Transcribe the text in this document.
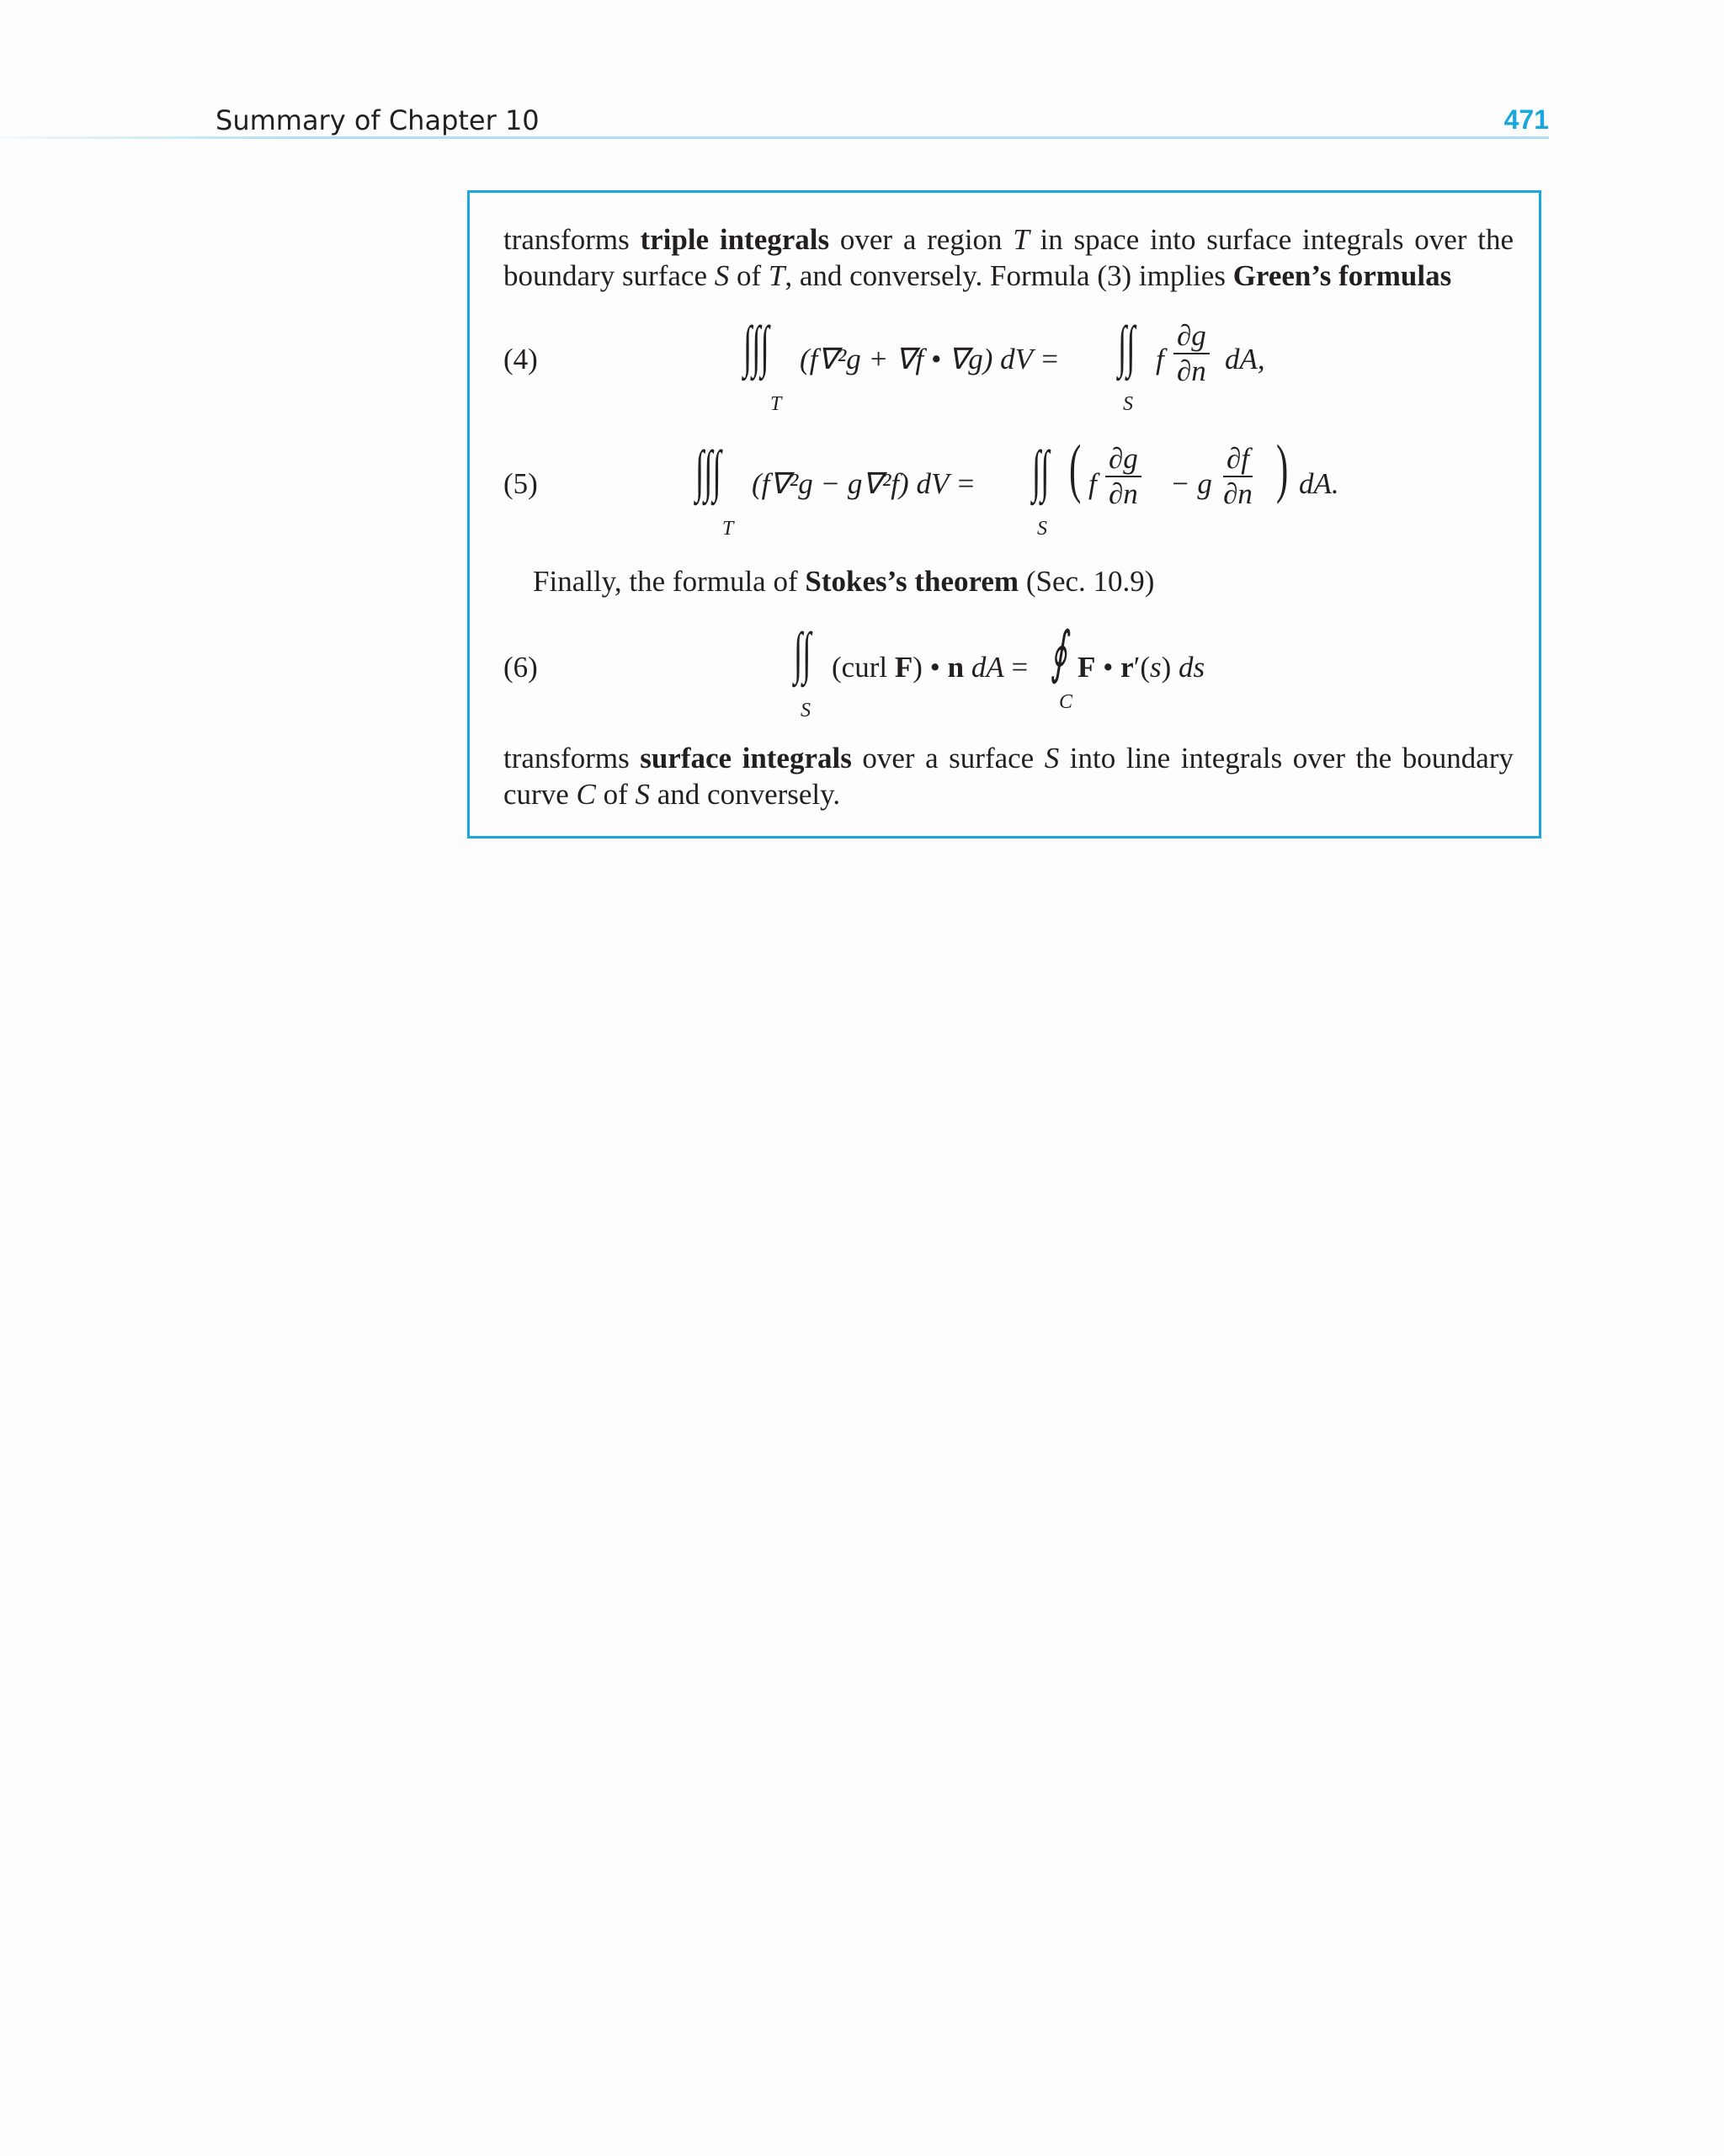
Summary of Chapter 10	471
transforms triple integrals over a region T in space into surface integrals over the
boundary surface S of T, and conversely. Formula (3) implies Green’s formulas
(4)	∫∫∫
T
(f∇²g + ∇f • ∇g) dV = ∫∫
S
f $\frac{\partial g}{\partial n}$ dA,
(5)	∫∫∫
T
(f∇²g − g∇²f) dV = ∫∫
S
( f $\frac{\partial g}{\partial n} - g \frac{\partial f}{\partial n}$ ) dA.
Finally, the formula of Stokes’s theorem (Sec. 10.9)
(6)	∫∫
S
(curl F) • n dA = ∮
C
F • r′(s) ds
transforms surface integrals over a surface S into line integrals over the boundary
curve C of S and conversely.
